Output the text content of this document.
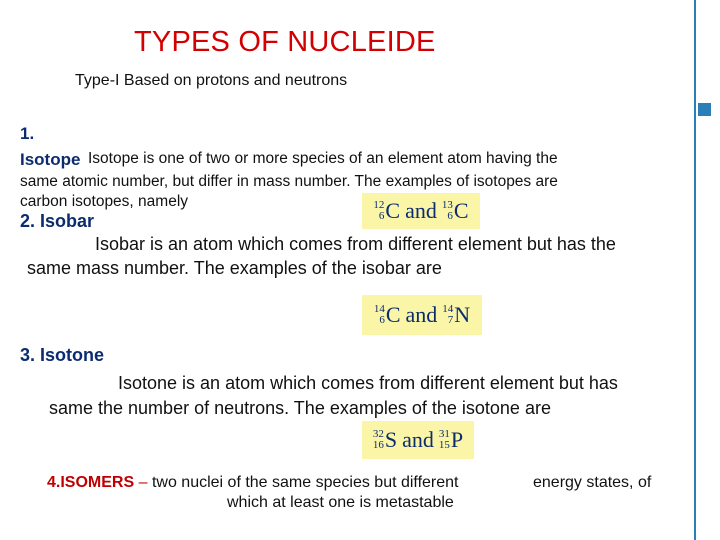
TYPES OF NUCLEIDE
Type-I Based on protons and neutrons
1.
Isotope Isotope is one of two or more species of an element atom having the
same atomic number, but differ in mass number. The examples of isotopes are
carbon isotopes, namely	12
6 C and 13
6 C
2. Isobar
Isobar is an atom which comes from different element but has the
same mass number. The examples of the isobar are
14
6 C and 14
7 N
3. Isotone
Isotone is an atom which comes from different element but has
same the number of neutrons. The examples of the isotone are
32
16 S and 31
15 P
4.ISOMERS – two nuclei of the same species but different	energy states, of
which at least one is metastable
